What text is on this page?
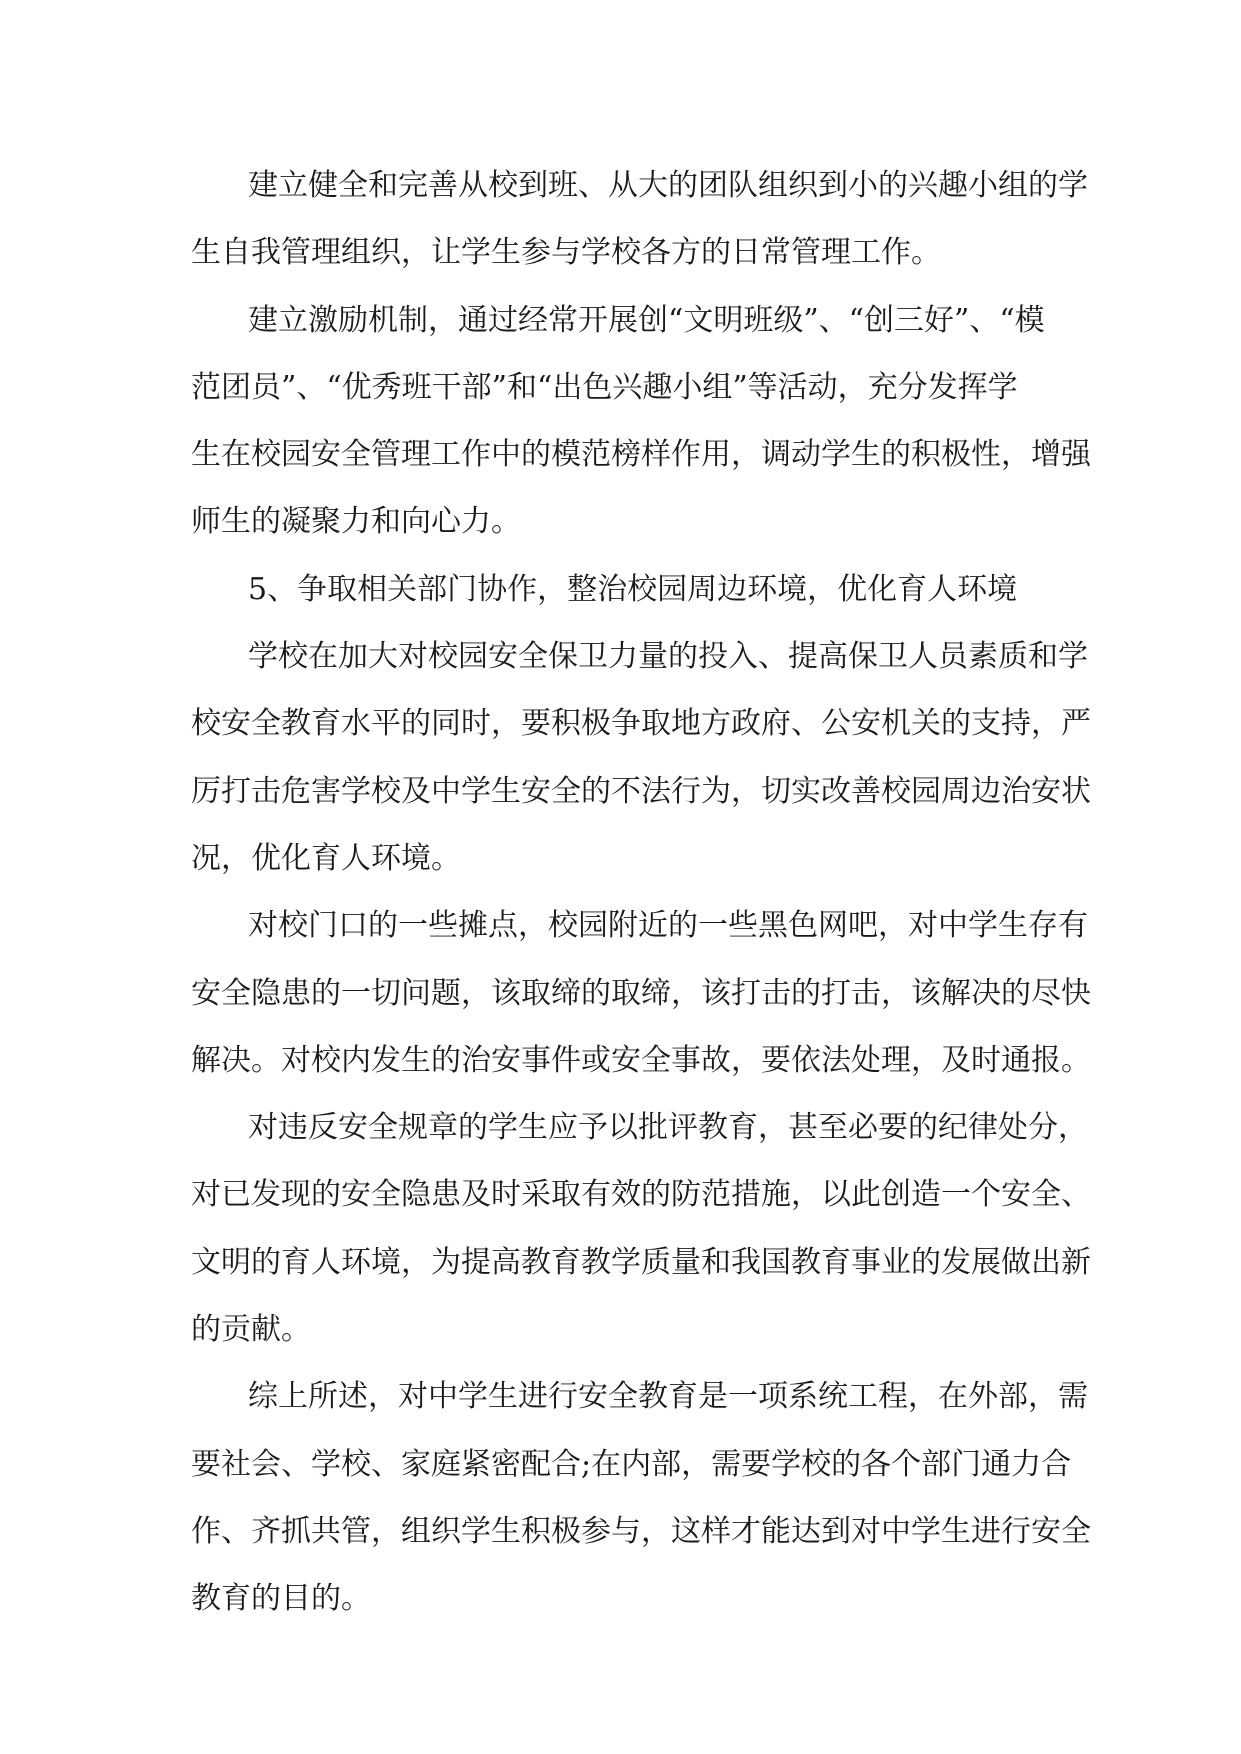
建立健全和完善从校到班、从大的团队组织到小的兴趣小组的学
生自我管理组织，让学生参与学校各方的日常管理工作。

建立激励机制，通过经常开展创“文明班级”、“创三好”、“模
范团员”、“优秀班干部”和“出色兴趣小组”等活动，充分发挥学
生在校园安全管理工作中的模范榜样作用，调动学生的积极性，增强
师生的凝聚力和向心力。

5、争取相关部门协作，整治校园周边环境，优化育人环境

学校在加大对校园安全保卫力量的投入、提高保卫人员素质和学
校安全教育水平的同时，要积极争取地方政府、公安机关的支持，严
厉打击危害学校及中学生安全的不法行为，切实改善校园周边治安状
况，优化育人环境。

对校门口的一些摊点，校园附近的一些黑色网吧，对中学生存有
安全隐患的一切问题，该取缔的取缔，该打击的打击，该解决的尽快
解决。对校内发生的治安事件或安全事故，要依法处理，及时通报。

对违反安全规章的学生应予以批评教育，甚至必要的纪律处分，
对已发现的安全隐患及时采取有效的防范措施，以此创造一个安全、
文明的育人环境，为提高教育教学质量和我国教育事业的发展做出新
的贡献。

综上所述，对中学生进行安全教育是一项系统工程，在外部，需
要社会、学校、家庭紧密配合;在内部，需要学校的各个部门通力合
作、齐抓共管，组织学生积极参与，这样才能达到对中学生进行安全
教育的目的。
